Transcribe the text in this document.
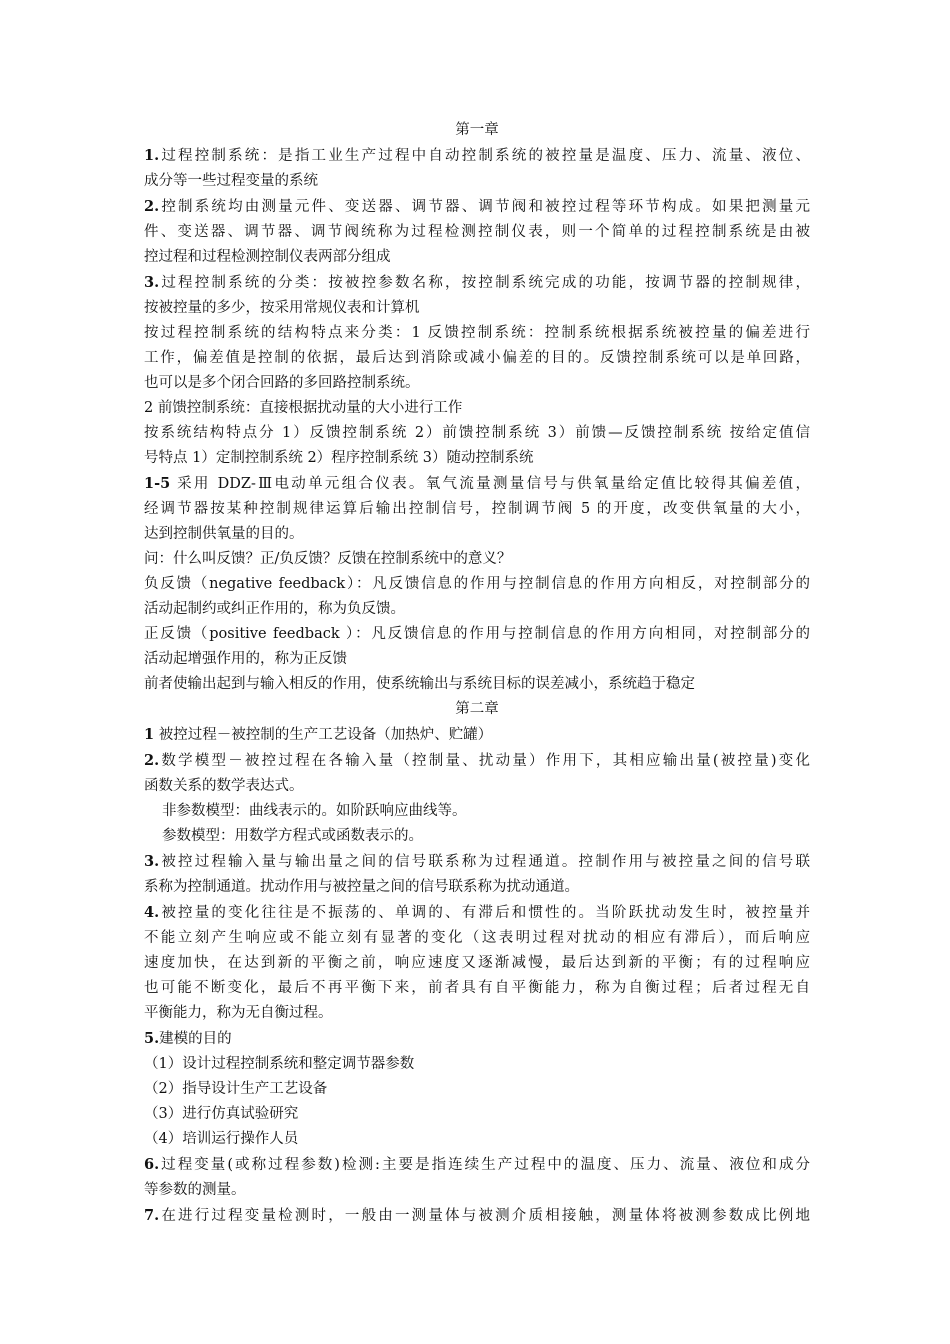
第一章
1.过程控制系统：是指工业生产过程中自动控制系统的被控量是温度、压力、流量、液位、
成分等一些过程变量的系统
2.控制系统均由测量元件、变送器、调节器、调节阀和被控过程等环节构成。如果把测量元
件、变送器、调节器、调节阀统称为过程检测控制仪表，则一个简单的过程控制系统是由被
控过程和过程检测控制仪表两部分组成
3.过程控制系统的分类：按被控参数名称，按控制系统完成的功能，按调节器的控制规律，
按被控量的多少，按采用常规仪表和计算机
按过程控制系统的结构特点来分类：1 反馈控制系统：控制系统根据系统被控量的偏差进行
工作，偏差值是控制的依据，最后达到消除或减小偏差的目的。反馈控制系统可以是单回路，
也可以是多个闭合回路的多回路控制系统。
2 前馈控制系统：直接根据扰动量的大小进行工作
按系统结构特点分 1）反馈控制系统 2）前馈控制系统 3）前馈—反馈控制系统 按给定值信
号特点 1）定制控制系统 2）程序控制系统 3）随动控制系统
1-5 采用 DDZ-Ⅲ电动单元组合仪表。氧气流量测量信号与供氧量给定值比较得其偏差值，
经调节器按某种控制规律运算后输出控制信号，控制调节阀 5 的开度，改变供氧量的大小，
达到控制供氧量的目的。
问：什么叫反馈？正/负反馈？反馈在控制系统中的意义？
负反馈（negative feedback）：凡反馈信息的作用与控制信息的作用方向相反，对控制部分的
活动起制约或纠正作用的，称为负反馈。
正反馈（positive feedback ）：凡反馈信息的作用与控制信息的作用方向相同，对控制部分的
活动起增强作用的，称为正反馈
前者使输出起到与输入相反的作用，使系统输出与系统目标的误差减小，系统趋于稳定
第二章
1 被控过程－被控制的生产工艺设备（加热炉、贮罐）
2.数学模型－被控过程在各输入量（控制量、扰动量）作用下，其相应输出量(被控量)变化
函数关系的数学表达式。
非参数模型：曲线表示的。如阶跃响应曲线等。
参数模型：用数学方程式或函数表示的。
3.被控过程输入量与输出量之间的信号联系称为过程通道。控制作用与被控量之间的信号联
系称为控制通道。扰动作用与被控量之间的信号联系称为扰动通道。
4.被控量的变化往往是不振荡的、单调的、有滞后和惯性的。当阶跃扰动发生时，被控量并
不能立刻产生响应或不能立刻有显著的变化（这表明过程对扰动的相应有滞后），而后响应
速度加快，在达到新的平衡之前，响应速度又逐渐减慢，最后达到新的平衡；有的过程响应
也可能不断变化，最后不再平衡下来，前者具有自平衡能力，称为自衡过程；后者过程无自
平衡能力，称为无自衡过程。
5.建模的目的
（1）设计过程控制系统和整定调节器参数
（2）指导设计生产工艺设备
（3）进行仿真试验研究
（4）培训运行操作人员
6.过程变量(或称过程参数)检测:主要是指连续生产过程中的温度、压力、流量、液位和成分
等参数的测量。
7.在进行过程变量检测时，一般由一测量体与被测介质相接触，测量体将被测参数成比例地
